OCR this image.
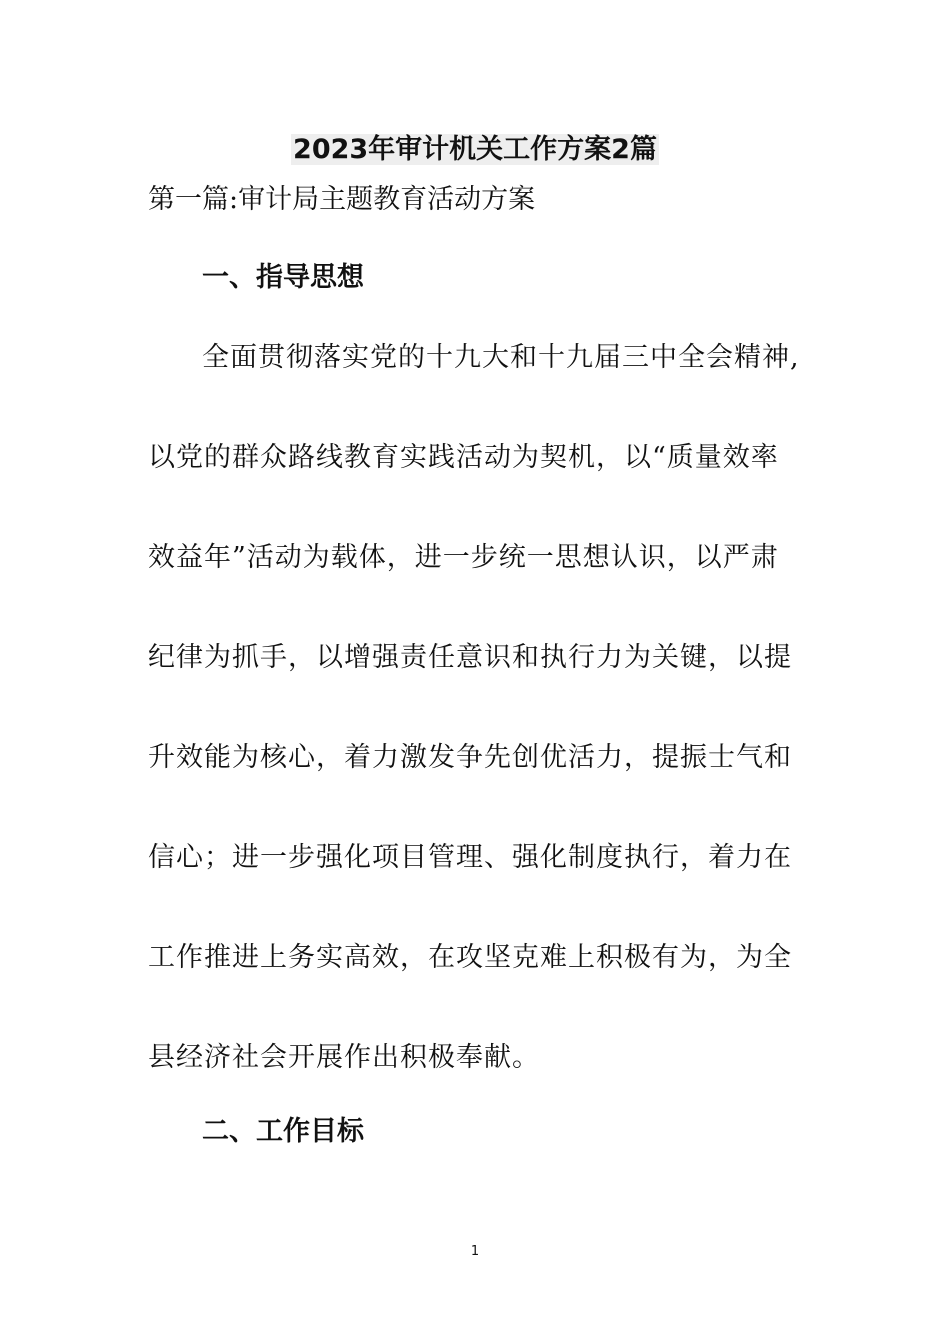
2023年审计机关工作方案2篇

第一篇:审计局主题教育活动方案

一、指导思想
全面贯彻落实党的十九大和十九届三中全会精神,
以党的群众路线教育实践活动为契机，以“质量效率
效益年”活动为载体，进一步统一思想认识，以严肃
纪律为抓手，以增强责任意识和执行力为关键，以提
升效能为核心，着力激发争先创优活力，提振士气和
信心；进一步强化项目管理、强化制度执行，着力在
工作推进上务实高效，在攻坚克难上积极有为，为全
县经济社会开展作出积极奉献。
二、工作目标
1
